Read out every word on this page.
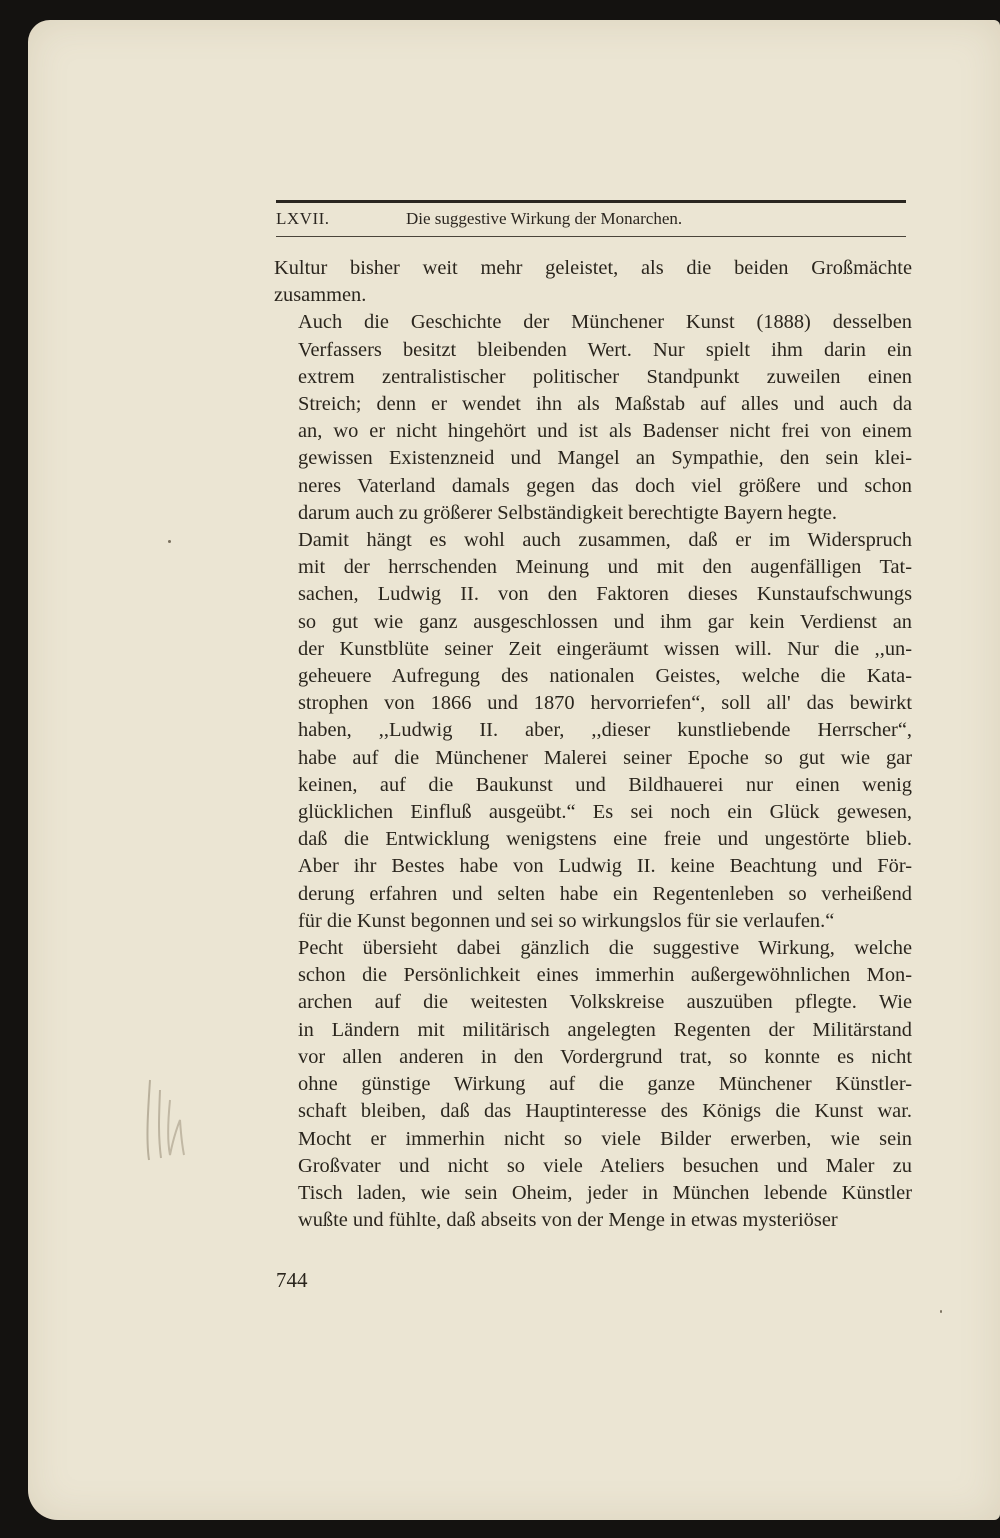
LXVII.	Die suggestive Wirkung der Monarchen.

Kultur bisher weit mehr geleistet, als die beiden Großmächte
zusammen.

Auch die Geschichte der Münchener Kunst (1888) desselben
Verfassers besitzt bleibenden Wert. Nur spielt ihm darin ein
extrem zentralistischer politischer Standpunkt zuweilen einen
Streich; denn er wendet ihn als Maßstab auf alles und auch da
an, wo er nicht hingehört und ist als Badenser nicht frei von einem
gewissen Existenzneid und Mangel an Sympathie, den sein klei-
neres Vaterland damals gegen das doch viel größere und schon
darum auch zu größerer Selbständigkeit berechtigte Bayern hegte.

Damit hängt es wohl auch zusammen, daß er im Widerspruch
mit der herrschenden Meinung und mit den augenfälligen Tat-
sachen, Ludwig II. von den Faktoren dieses Kunstaufschwungs
so gut wie ganz ausgeschlossen und ihm gar kein Verdienst an
der Kunstblüte seiner Zeit eingeräumt wissen will. Nur die ,,un-
geheuere Aufregung des nationalen Geistes, welche die Kata-
strophen von 1866 und 1870 hervorriefen“, soll all' das bewirkt
haben, ,,Ludwig II. aber, ,,dieser kunstliebende Herrscher“,
habe auf die Münchener Malerei seiner Epoche so gut wie gar
keinen, auf die Baukunst und Bildhauerei nur einen wenig
glücklichen Einfluß ausgeübt.“ Es sei noch ein Glück gewesen,
daß die Entwicklung wenigstens eine freie und ungestörte blieb.
Aber ihr Bestes habe von Ludwig II. keine Beachtung und För-
derung erfahren und selten habe ein Regentenleben so verheißend
für die Kunst begonnen und sei so wirkungslos für sie verlaufen.“

Pecht übersieht dabei gänzlich die suggestive Wirkung, welche
schon die Persönlichkeit eines immerhin außergewöhnlichen Mon-
archen auf die weitesten Volkskreise auszuüben pflegte. Wie
in Ländern mit militärisch angelegten Regenten der Militärstand
vor allen anderen in den Vordergrund trat, so konnte es nicht
ohne günstige Wirkung auf die ganze Münchener Künstler-
schaft bleiben, daß das Hauptinteresse des Königs die Kunst war.
Mocht er immerhin nicht so viele Bilder erwerben, wie sein
Großvater und nicht so viele Ateliers besuchen und Maler zu
Tisch laden, wie sein Oheim, jeder in München lebende Künstler
wußte und fühlte, daß abseits von der Menge in etwas mysteriöser

744
